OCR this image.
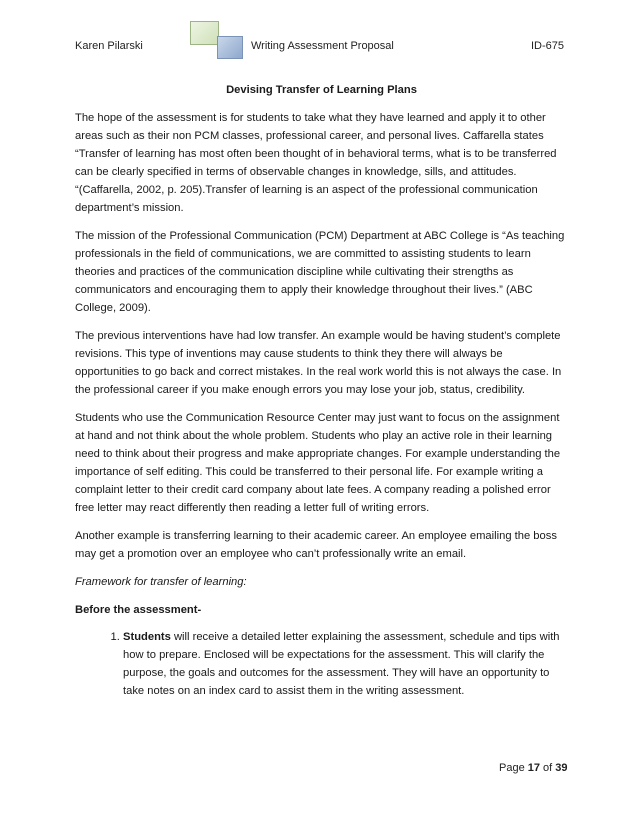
Karen Pilarski	Writing Assessment Proposal	ID-675

Devising Transfer of Learning Plans

The hope of the assessment is for students to take what they have learned and apply it to other areas such as their non PCM classes, professional career, and personal lives. Caffarella states “Transfer of learning has most often been thought of in behavioral terms, what is to be transferred can be clearly specified in terms of observable changes in knowledge, sills, and attitudes. “(Caffarella, 2002, p. 205).Transfer of learning is an aspect of the professional communication department’s mission.

The mission of the Professional Communication (PCM) Department at ABC College is “As teaching professionals in the field of communications, we are committed to assisting students to learn theories and practices of the communication discipline while cultivating their strengths as communicators and encouraging them to apply their knowledge throughout their lives.” (ABC College, 2009).

The previous interventions have had low transfer. An example would be having student’s complete revisions. This type of inventions may cause students to think they there will always be opportunities to go back and correct mistakes. In the real work world this is not always the case. In the professional career if you make enough errors you may lose your job, status, credibility.

Students who use the Communication Resource Center may just want to focus on the assignment at hand and not think about the whole problem. Students who play an active role in their learning need to think about their progress and make appropriate changes. For example understanding the importance of self editing. This could be transferred to their personal life. For example writing a complaint letter to their credit card company about late fees. A company reading a polished error free letter may react differently then reading a letter full of writing errors.

Another example is transferring learning to their academic career. An employee emailing the boss may get a promotion over an employee who can’t professionally write an email.

Framework for transfer of learning:

Before the assessment-

1. Students will receive a detailed letter explaining the assessment, schedule and tips with how to prepare. Enclosed will be expectations for the assessment. This will clarify the purpose, the goals and outcomes for the assessment. They will have an opportunity to take notes on an index card to assist them in the writing assessment.
Page 17 of 39
